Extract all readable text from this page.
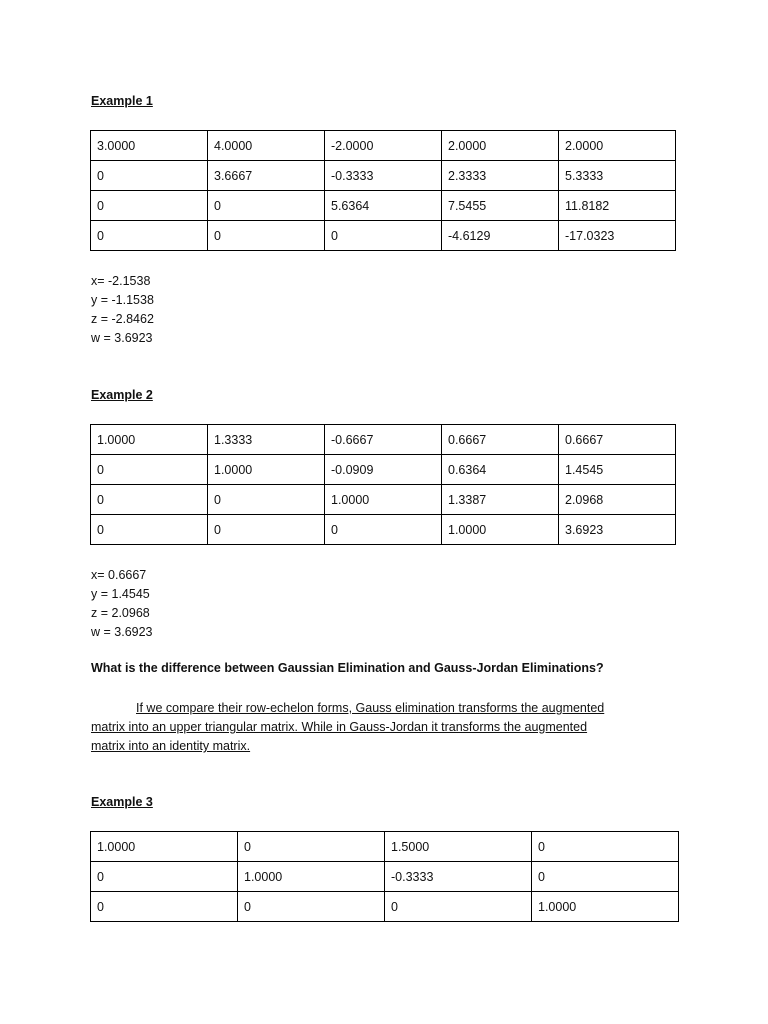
Example 1
3.0000	4.0000	-2.0000	2.0000	2.0000
0	3.6667	-0.3333	2.3333	5.3333
0	0	5.6364	7.5455	11.8182
0	0	0	-4.6129	-17.0323
x= -2.1538
y = -1.1538
z = -2.8462
w = 3.6923
Example 2
1.0000	1.3333	-0.6667	0.6667	0.6667
0	1.0000	-0.0909	0.6364	1.4545
0	0	1.0000	1.3387	2.0968
0	0	0	1.0000	3.6923
x= 0.6667
y = 1.4545
z = 2.0968
w = 3.6923
What is the difference between Gaussian Elimination and Gauss-Jordan Eliminations?
If we compare their row-echelon forms, Gauss elimination transforms the augmented
matrix into an upper triangular matrix. While in Gauss-Jordan it transforms the augmented
matrix into an identity matrix.
Example 3
1.0000	0	1.5000	0
0	1.0000	-0.3333	0
0	0	0	1.0000
